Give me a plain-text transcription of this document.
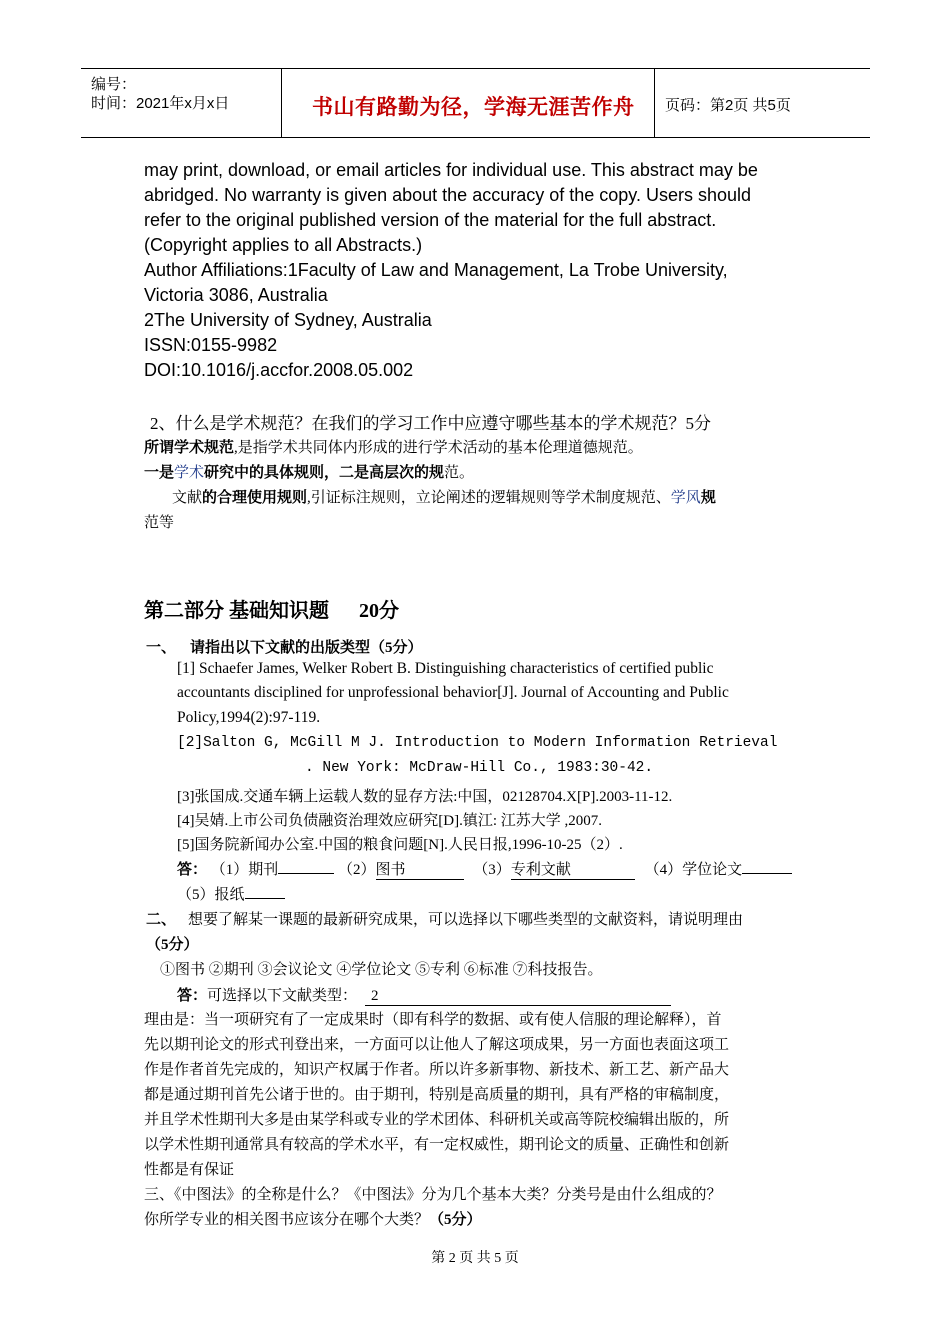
编号：
时间：2021年x月x日	书山有路勤为径，学海无涯苦作舟 页码：第2页 共5页
may print, download, or email articles for individual use. This abstract may be
abridged. No warranty is given about the accuracy of the copy. Users should
refer to the original published version of the material for the full abstract.
(Copyright applies to all Abstracts.)
Author Affiliations:1Faculty of Law and Management, La Trobe University,
Victoria 3086, Australia
2The University of Sydney, Australia
ISSN:0155-9982
DOI:10.1016/j.accfor.2008.05.002
2、什么是学术规范？在我们的学习工作中应遵守哪些基本的学术规范？5分
所谓学术规范,是指学术共同体内形成的进行学术活动的基本伦理道德规范。
一是学术研究中的具体规则，二是高层次的规范。
文献的合理使用规则,引证标注规则，立论阐述的逻辑规则等学术制度规范、学风规
范等
第二部分 基础知识题 20分
一、 请指出以下文献的出版类型（5分）
[1] Schaefer James, Welker Robert B. Distinguishing characteristics of certified public
accountants disciplined for unprofessional behavior[J]. Journal of Accounting and Public
Policy,1994(2):97-119.
[2]Salton G, McGill M J. Introduction to Modern Information Retrieval
. New York: McDraw-Hill Co., 1983:30-42.
[3]张国成.交通车辆上运载人数的显存方法:中国，02128704.X[P].2003-11-12.
[4]吴婧.上市公司负债融资治理效应研究[D].镇江: 江苏大学 ,2007.
[5]国务院新闻办公室.中国的粮食问题[N].人民日报,1996-10-25（2）.
答： （1）期刊	（2）图书	（3）专利文献	（4）学位论文
（5）报纸
二、 想要了解某一课题的最新研究成果，可以选择以下哪些类型的文献资料，请说明理由
（5分）
①图书 ②期刊 ③会议论文 ④学位论文 ⑤专利 ⑥标准 ⑦科技报告。
答：可选择以下文献类型： 2
理由是：当一项研究有了一定成果时（即有科学的数据、或有使人信服的理论解释），首
先以期刊论文的形式刊登出来，一方面可以让他人了解这项成果，另一方面也表面这项工
作是作者首先完成的，知识产权属于作者。所以许多新事物、新技术、新工艺、新产品大
都是通过期刊首先公诸于世的。由于期刊，特别是高质量的期刊，具有严格的审稿制度，
并且学术性期刊大多是由某学科或专业的学术团体、科研机关或高等院校编辑出版的，所
以学术性期刊通常具有较高的学术水平，有一定权威性，期刊论文的质量、正确性和创新
性都是有保证
三、《中图法》的全称是什么？《中图法》分为几个基本大类？分类号是由什么组成的？
你所学专业的相关图书应该分在哪个大类？（5分）
第 2 页 共 5 页
